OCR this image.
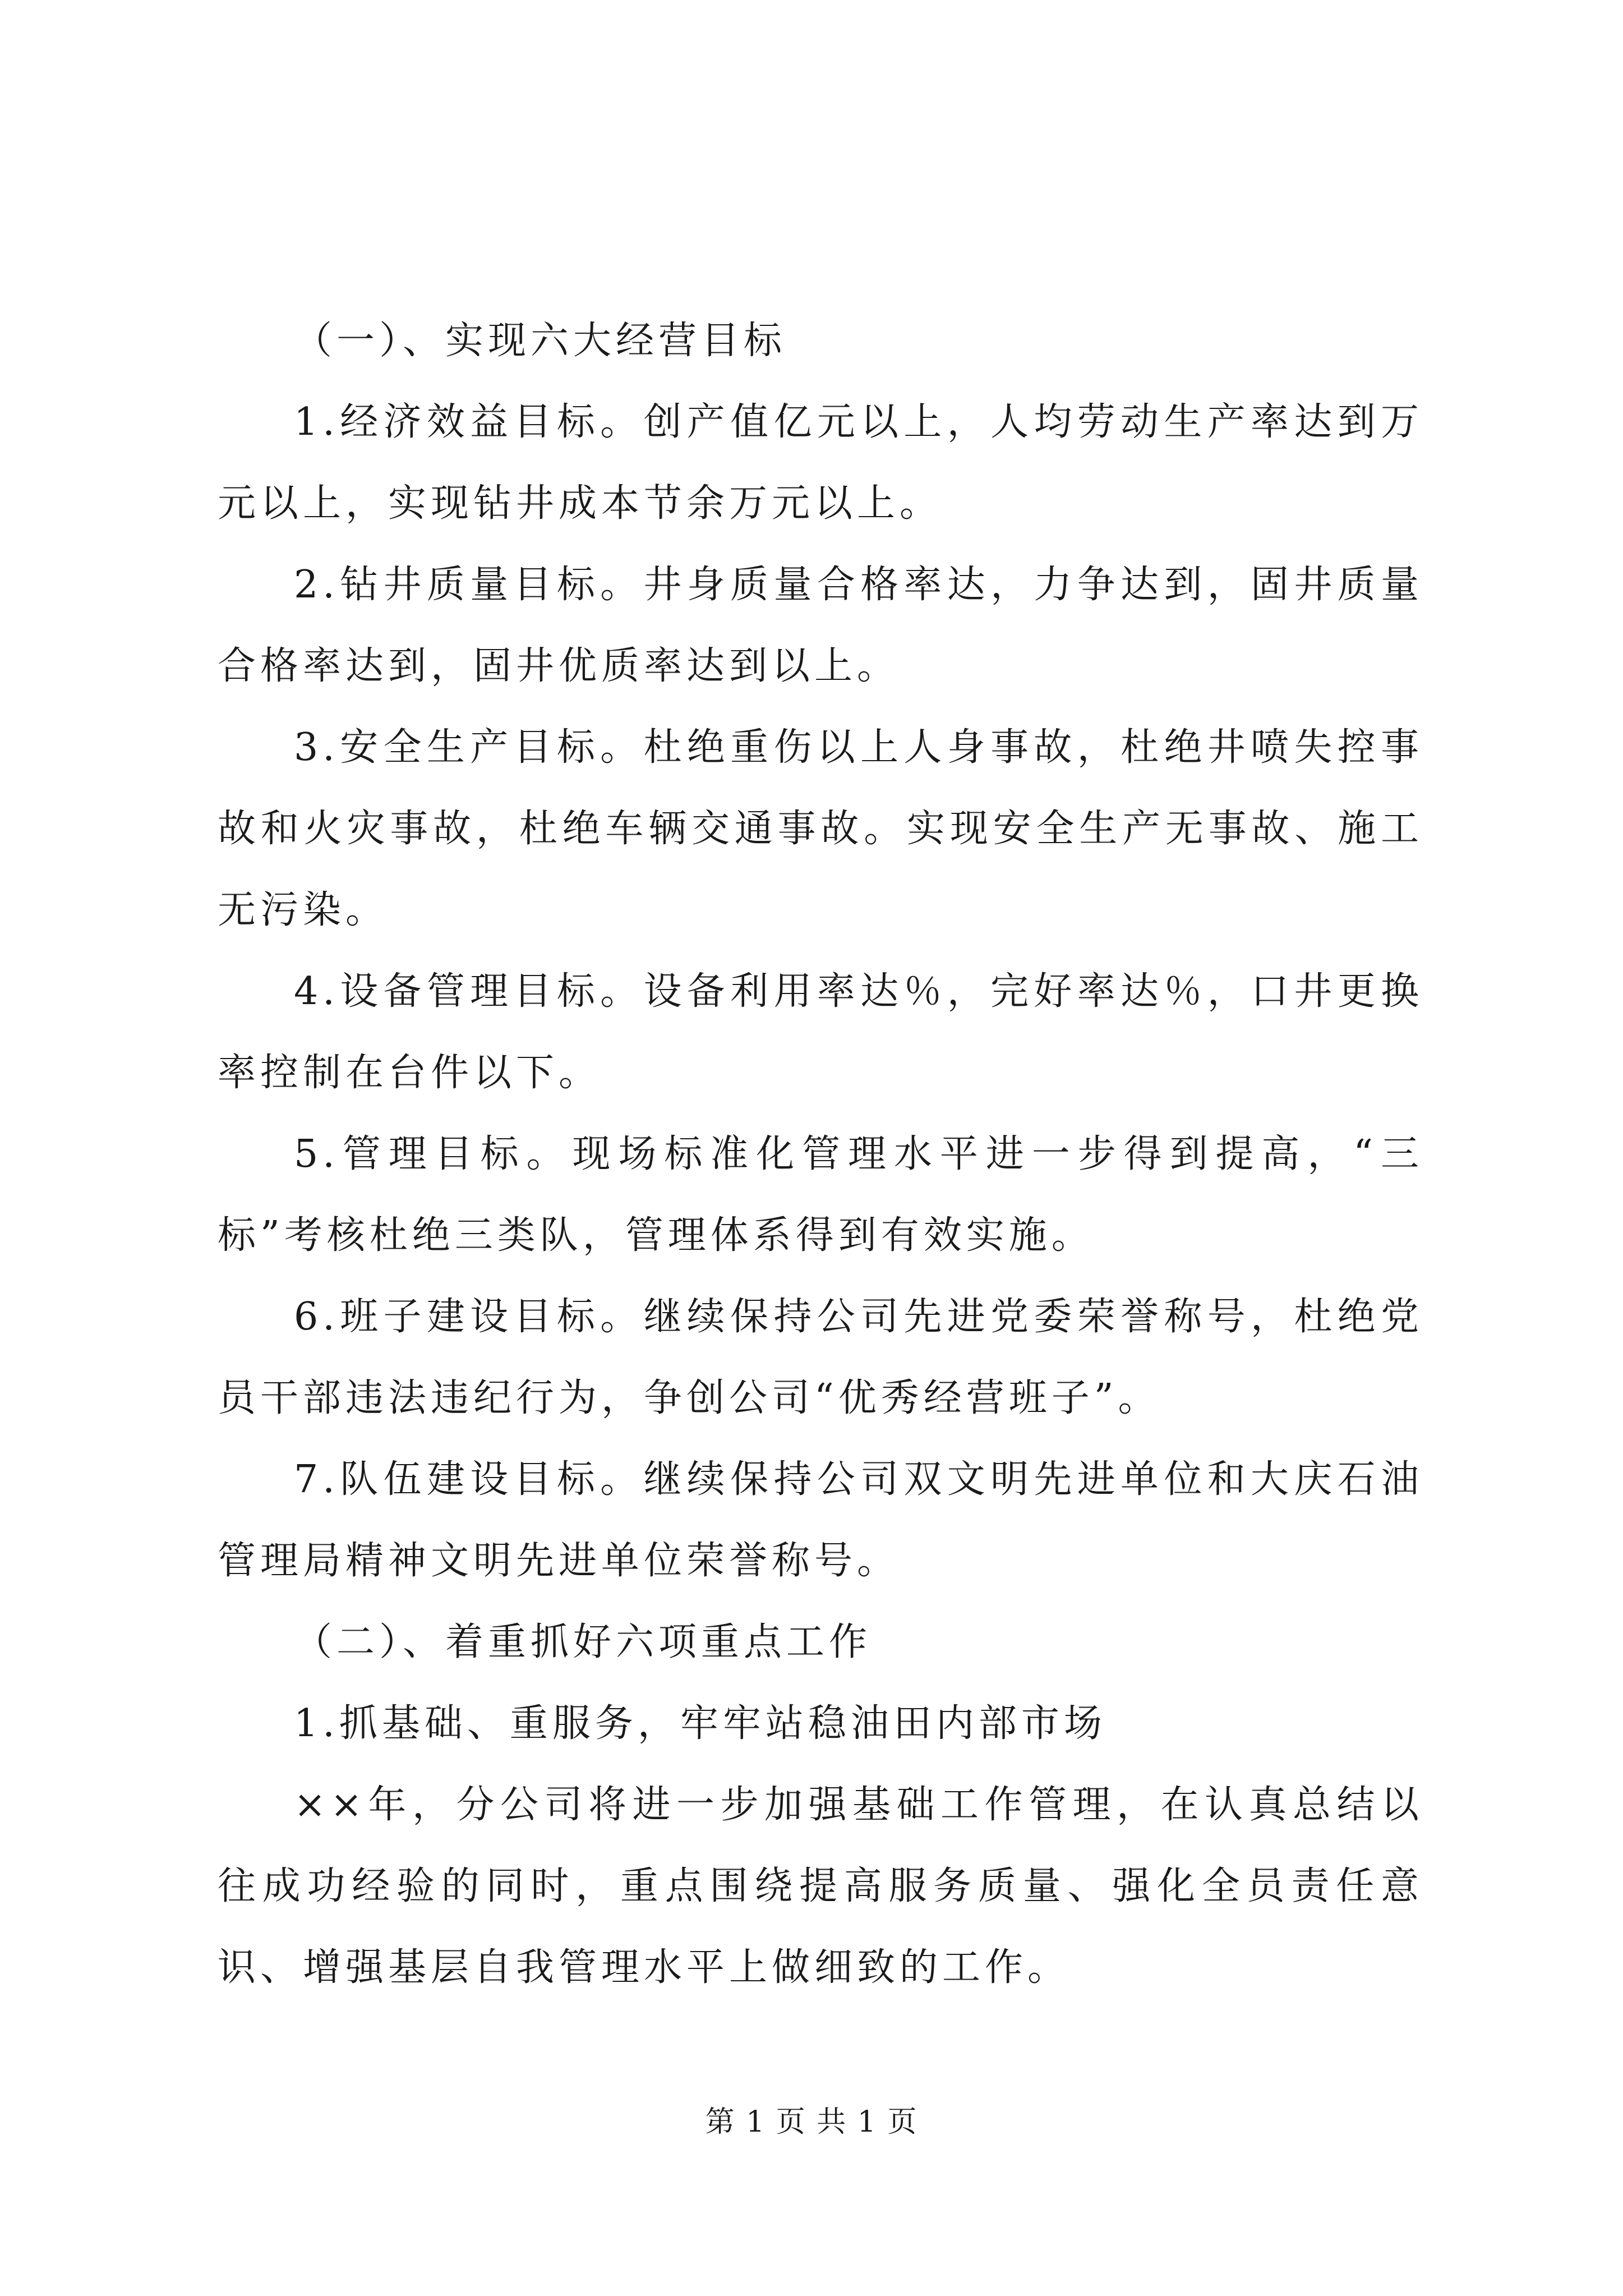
（一）、实现六大经营目标

1.经济效益目标。创产值亿元以上，人均劳动生产率达到万元以上，实现钻井成本节余万元以上。

2.钻井质量目标。井身质量合格率达，力争达到，固井质量合格率达到，固井优质率达到以上。

3.安全生产目标。杜绝重伤以上人身事故，杜绝井喷失控事故和火灾事故，杜绝车辆交通事故。实现安全生产无事故、施工无污染。

4.设备管理目标。设备利用率达％，完好率达％，口井更换率控制在台件以下。

5.管理目标。现场标准化管理水平进一步得到提高，“三标”考核杜绝三类队，管理体系得到有效实施。

6.班子建设目标。继续保持公司先进党委荣誉称号，杜绝党员干部违法违纪行为，争创公司“优秀经营班子”。

7.队伍建设目标。继续保持公司双文明先进单位和大庆石油管理局精神文明先进单位荣誉称号。

（二）、着重抓好六项重点工作

1.抓基础、重服务，牢牢站稳油田内部市场

××年，分公司将进一步加强基础工作管理，在认真总结以往成功经验的同时，重点围绕提高服务质量、强化全员责任意识、增强基层自我管理水平上做细致的工作。

第 1 页 共 1 页
